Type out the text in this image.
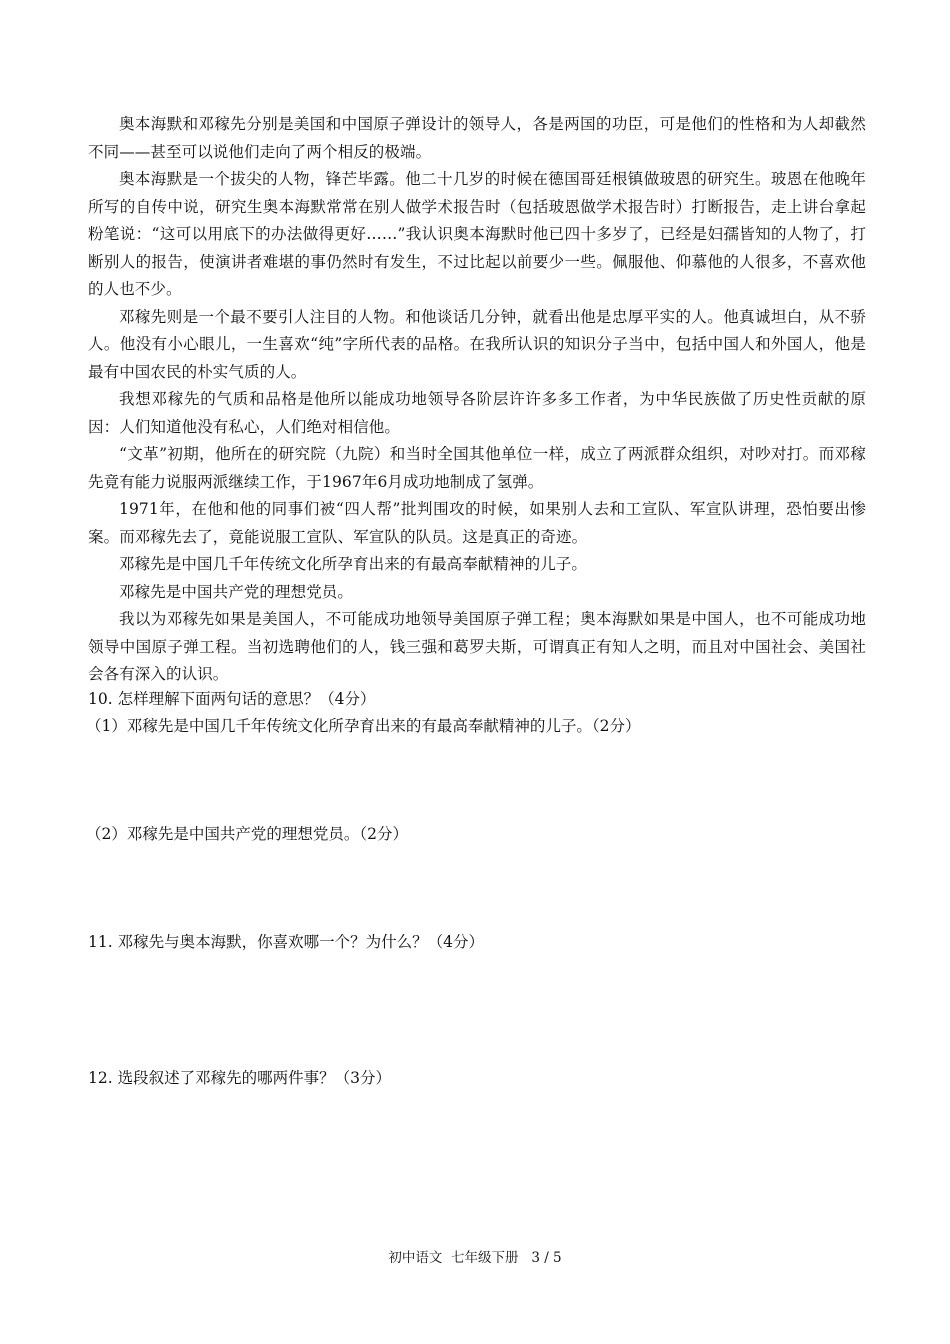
奥本海默和邓稼先分别是美国和中国原子弹设计的领导人，各是两国的功臣，可是他们的性格和为人却截然不同——甚至可以说他们走向了两个相反的极端。

奥本海默是一个拔尖的人物，锋芒毕露。他二十几岁的时候在德国哥廷根镇做玻恩的研究生。玻恩在他晚年所写的自传中说，研究生奥本海默常常在别人做学术报告时（包括玻恩做学术报告时）打断报告，走上讲台拿起粉笔说：“这可以用底下的办法做得更好……”我认识奥本海默时他已四十多岁了，已经是妇孺皆知的人物了，打断别人的报告，使演讲者难堪的事仍然时有发生，不过比起以前要少一些。佩服他、仰慕他的人很多，不喜欢他的人也不少。

邓稼先则是一个最不要引人注目的人物。和他谈话几分钟，就看出他是忠厚平实的人。他真诚坦白，从不骄人。他没有小心眼儿，一生喜欢“纯”字所代表的品格。在我所认识的知识分子当中，包括中国人和外国人，他是最有中国农民的朴实气质的人。

我想邓稼先的气质和品格是他所以能成功地领导各阶层许许多多工作者，为中华民族做了历史性贡献的原因：人们知道他没有私心，人们绝对相信他。

“文革”初期，他所在的研究院（九院）和当时全国其他单位一样，成立了两派群众组织，对吵对打。而邓稼先竟有能力说服两派继续工作，于1967年6月成功地制成了氢弹。

1971年，在他和他的同事们被“四人帮”批判围攻的时候，如果别人去和工宣队、军宣队讲理，恐怕要出惨案。而邓稼先去了，竟能说服工宣队、军宣队的队员。这是真正的奇迹。

邓稼先是中国几千年传统文化所孕育出来的有最高奉献精神的儿子。

邓稼先是中国共产党的理想党员。

我以为邓稼先如果是美国人，不可能成功地领导美国原子弹工程；奥本海默如果是中国人，也不可能成功地领导中国原子弹工程。当初选聘他们的人，钱三强和葛罗夫斯，可谓真正有知人之明，而且对中国社会、美国社会各有深入的认识。

10. 怎样理解下面两句话的意思？（4分）

（1）邓稼先是中国几千年传统文化所孕育出来的有最高奉献精神的儿子。（2分）

（2）邓稼先是中国共产党的理想党员。（2分）

11. 邓稼先与奥本海默，你喜欢哪一个？为什么？（4分）

12. 选段叙述了邓稼先的哪两件事？（3分）

初中语文  七年级下册   3 / 5
